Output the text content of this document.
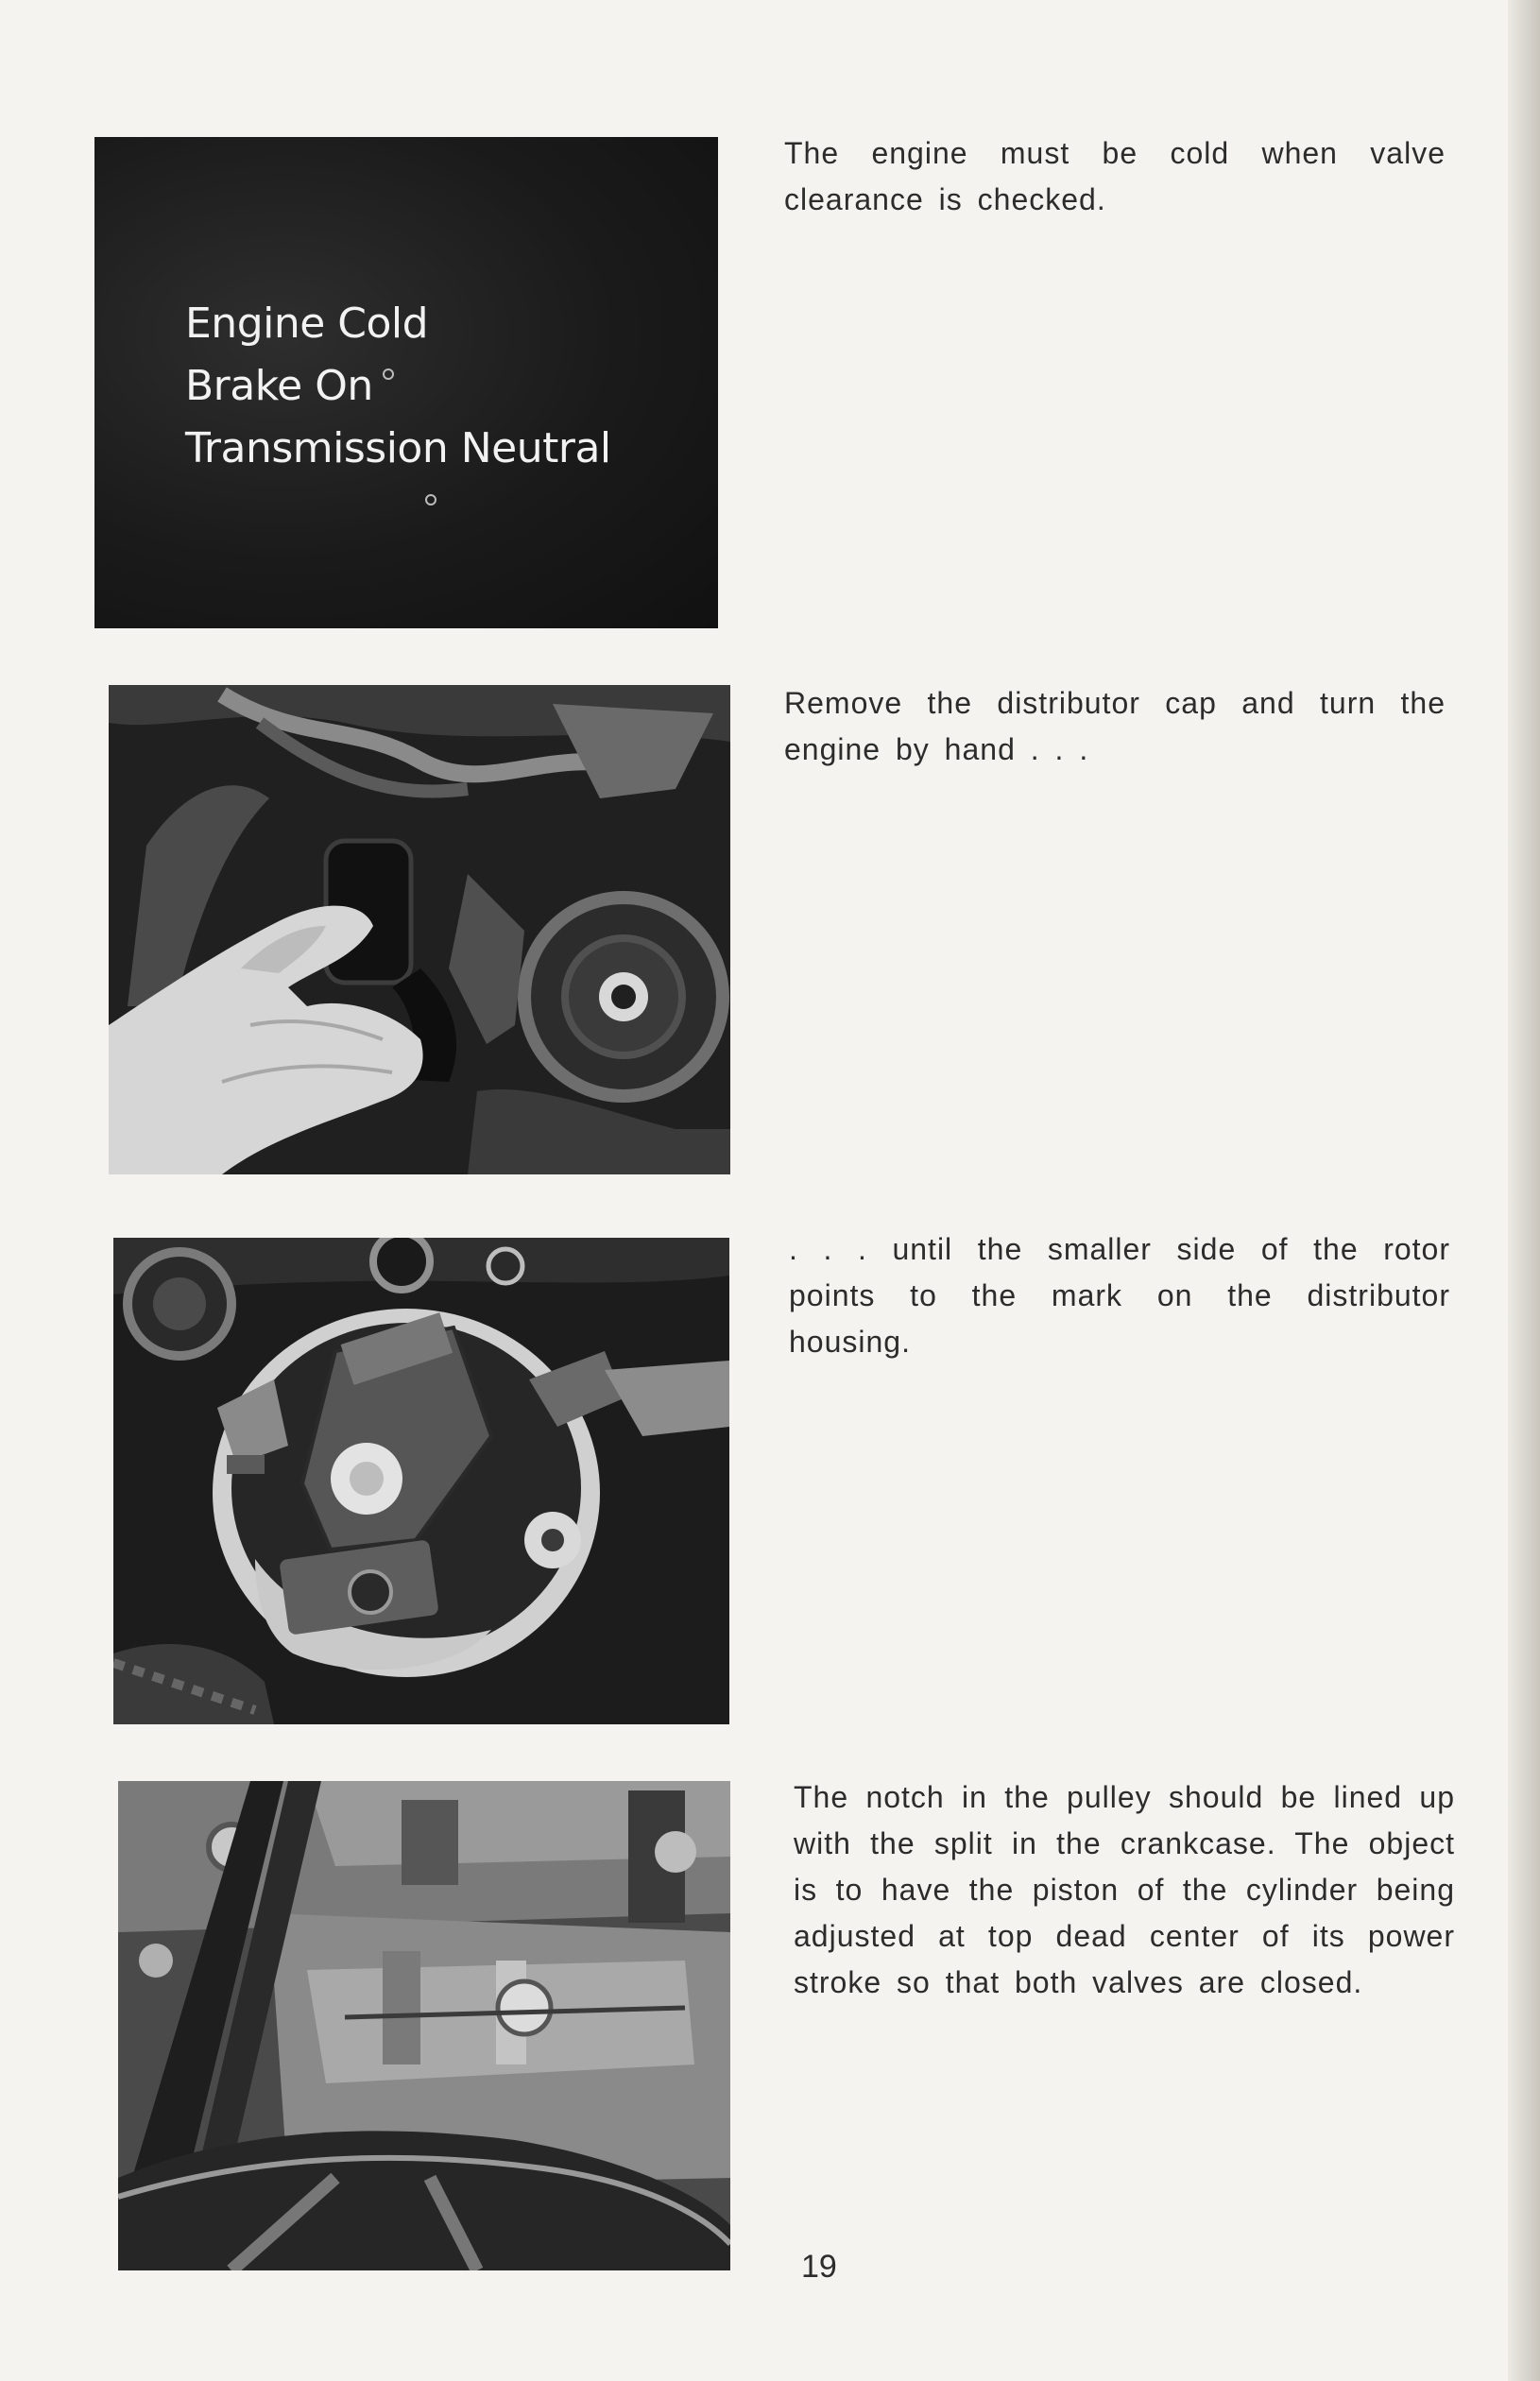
Engine Cold
Brake On
Transmission Neutral
The engine must be cold when valve clearance is checked.
Remove the distributor cap and turn the engine by hand . . .
. . . until the smaller side of the rotor points to the mark on the distributor housing.
The notch in the pulley should be lined up with the split in the crankcase. The object is to have the piston of the cylinder being adjusted at top dead center of its power stroke so that both valves are closed.
19
